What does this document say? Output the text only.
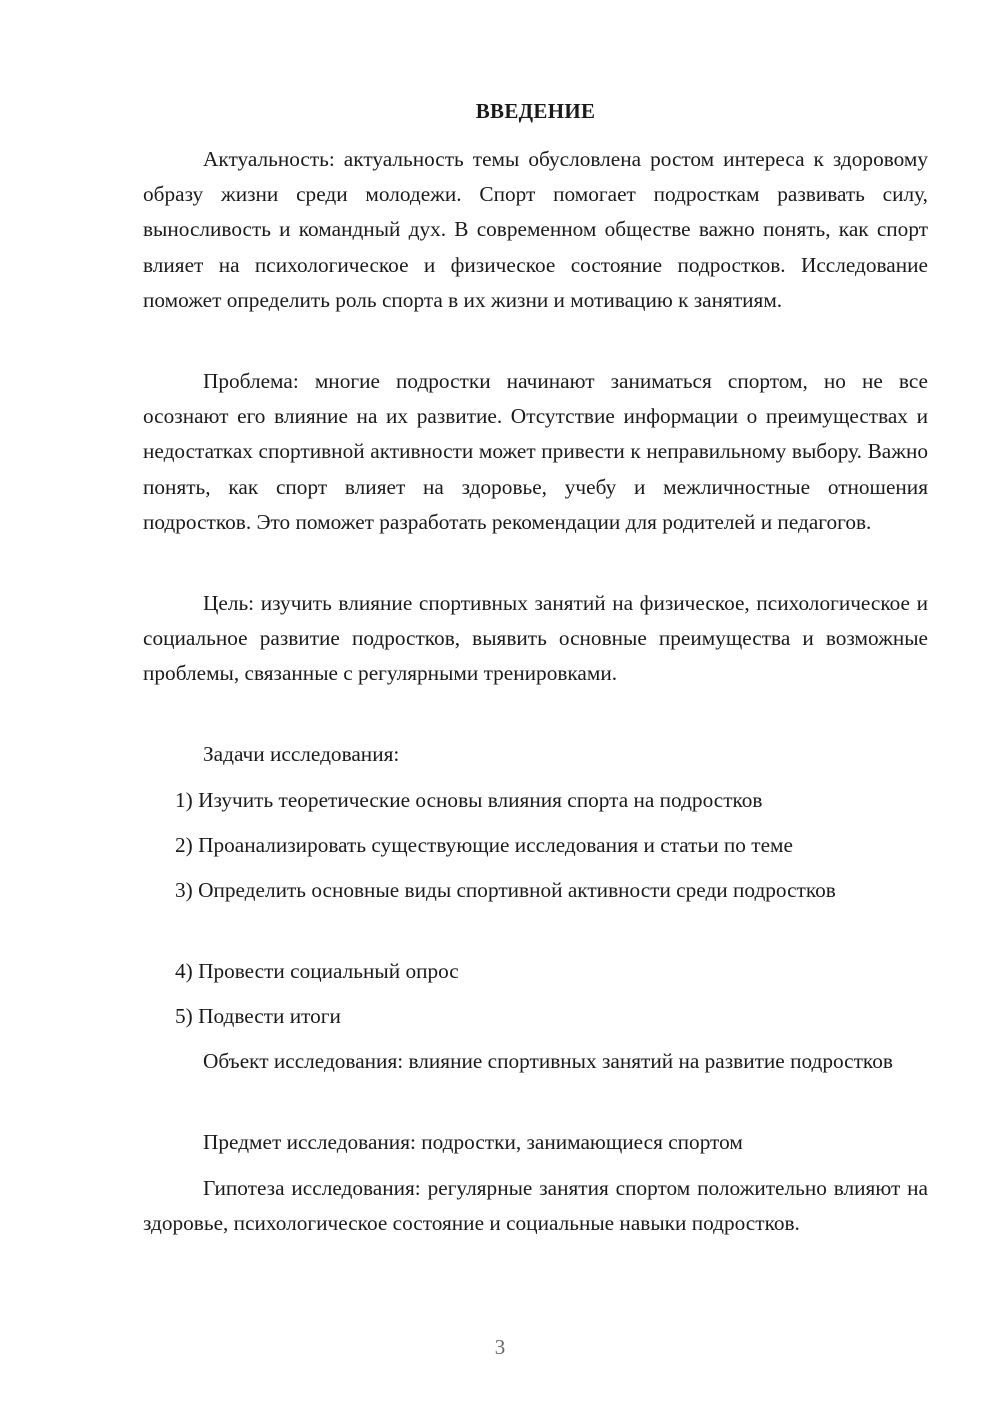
ВВЕДЕНИЕ

Актуальность: актуальность темы обусловлена ростом интереса к здоровому образу жизни среди молодежи. Спорт помогает подросткам развивать силу, выносливость и командный дух. В современном обществе важно понять, как спорт влияет на психологическое и физическое состояние подростков. Исследование поможет определить роль спорта в их жизни и мотивацию к занятиям.

Проблема: многие подростки начинают заниматься спортом, но не все осознают его влияние на их развитие. Отсутствие информации о преимуществах и недостатках спортивной активности может привести к неправильному выбору. Важно понять, как спорт влияет на здоровье, учебу и межличностные отношения подростков. Это поможет разработать рекомендации для родителей и педагогов.

Цель: изучить влияние спортивных занятий на физическое, психологическое и социальное развитие подростков, выявить основные преимущества и возможные проблемы, связанные с регулярными тренировками.

Задачи исследования:

1) Изучить теоретические основы влияния спорта на подростков

2) Проанализировать существующие исследования и статьи по теме

3) Определить основные виды спортивной активности среди подростков

4) Провести социальный опрос

5) Подвести итоги

Объект исследования: влияние спортивных занятий на развитие подростков

Предмет исследования: подростки, занимающиеся спортом

Гипотеза исследования: регулярные занятия спортом положительно влияют на здоровье, психологическое состояние и социальные навыки подростков.

3
